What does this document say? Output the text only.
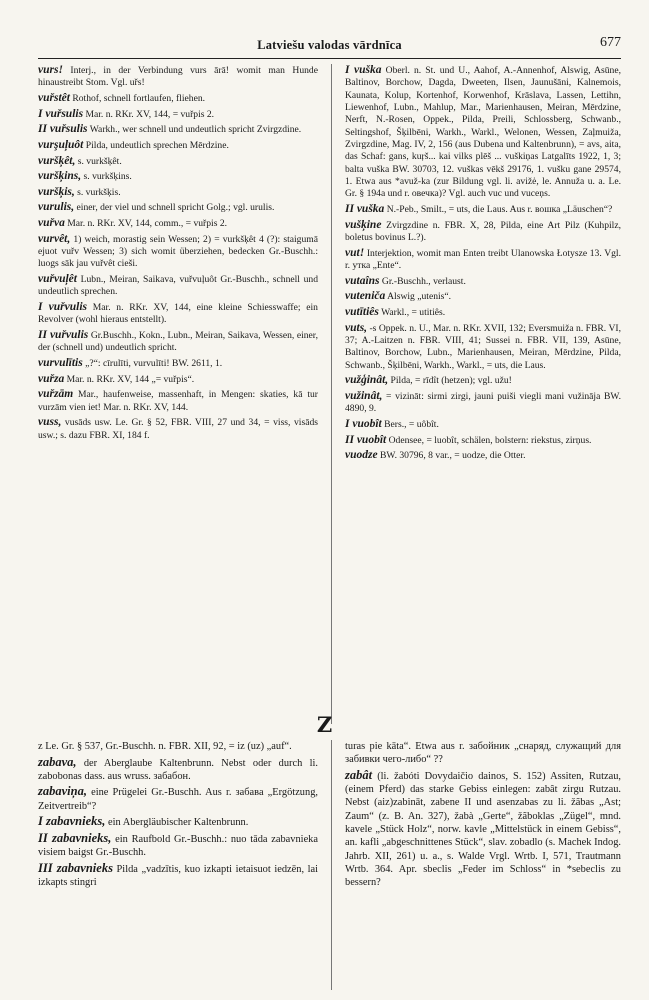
Latviešu valodas vārdnīca	677
vurs! Interj., in der Verbindung vurs ārā! womit man Hunde hinaustreibt Stom. Vgl. uřs!
vuřstêt Rothof, schnell fortlaufen, fliehen.
I vuřsulis Mar. n. RKr. XV, 144, = vuřpis 2.
II vuřsulis Warkh., wer schnell und undeutlich spricht Zvirgzdine.
vurşuļuôt Pilda, undeutlich sprechen Mērdzine.
vuršķêt, s. vurkšķêt.
vuršķins, s. vurkšķins.
vuršķis, s. vurkšķis.
vurulis, einer, der viel und schnell spricht Golg.; vgl. urulis.
vuřva Mar. n. RKr. XV, 144, comm., = vuřpis 2.
vurvêt, 1) weich, morastig sein Wessen; 2) = vurkšķêt 4 (?): staigumā ejuot vuřv Wessen; 3) sich womit überziehen, bedecken Gr.-Buschh.: luogs sāk jau vuřvêt cieši.
vuřvuļêt Lubn., Meiran, Saikava, vuřvuļuôt Gr.-Buschh., schnell und undeutlich sprechen.
I vuřvulis Mar. n. RKr. XV, 144, eine kleine Schiesswaffe; ein Revolver (wohl hieraus entstellt).
II vuřvulis Gr.Buschh., Kokn., Lubn., Meiran, Saikava, Wessen, einer, der (schnell und) undeutlich spricht.
vurvulītis „?“: cīrulīti, vurvulīti! BW. 2611, 1.
vuřza Mar. n. RKr. XV, 144 „= vuřpis“.
vuřzām Mar., haufenweise, massenhaft, in Mengen: skaties, kā tur vurzām vien iet! Mar. n. RKr. XV, 144.
vuss, vusāds usw. Le. Gr. § 52, FBR. VIII, 27 und 34, = viss, visāds usw.; s. dazu FBR. XI, 184 f.
I vuška Oberl. n. St. und U., Aahof, A.-Annenhof, Alswig, Asūne, Baltinov, Borchow, Dagda, Dweeten, Ilsen, Jaunušāni, Kalnemois, Kaunata, Kolup, Kortenhof, Korwenhof, Krāslava, Lassen, Lettihn, Liewenhof, Lubn., Mahlup, Mar., Marienhausen, Meiran, Mērdzine, Nerft, N.-Rosen, Oppek., Pilda, Preili, Schlossberg, Schwanb., Seltingshof, Šķilbēni, Warkh., Warkl., Welonen, Wessen, Zaļmuiža, Zvirgzdine, Mag. IV, 2, 156 (aus Dubena und Kaltenbrunn), = avs, aita, das Schaf: gans, kuŗš... kai vilks plēš ... vuškiņas Latgalīts 1922, 1, 3; balta vuška BW. 30703, 12. vuškas vēkš 29176, 1. vušku gane 29574, 1. Etwa aus *avuž-ka (zur Bildung vgl. li. avižė, le. Annuža u. a. Le. Gr. § 194a und r. овечка)? Vgl. auch vuc und vuceņs.
II vuška N.-Peb., Smilt., = uts, die Laus. Aus r. вошка „Läuschen“?
vušķine Zvirgzdine n. FBR. X, 28, Pilda, eine Art Pilz (Kuhpilz, boletus bovinus L.?).
vut! Interjektion, womit man Enten treibt Ulanowska Łotysze 13. Vgl. r. утка „Ente“.
vutaîns Gr.-Buschh., verlaust.
vuteniča Alswig „utenis“.
vutītiês Warkl., = utitiês.
vuts, -s Oppek. n. U., Mar. n. RKr. XVII, 132; Eversmuiža n. FBR. VI, 37; A.-Laitzen n. FBR. VIII, 41; Sussei n. FBR. VII, 139, Asūne, Baltinov, Borchow, Lubn., Marienhausen, Meiran, Mērdzine, Pilda, Schwanb., Šķilbēni, Warkh., Warkl., = uts, die Laus.
vužģinât, Pilda, = rīdît (hetzen); vgl. užu!
vužinât, = vizināt: sirmi zirgi, jauni puiši viegli mani vužināja BW. 4890, 9.
I vuobît Bers., = uôbît.
II vuobît Odensee, = luobît, schälen, bolstern: riekstus, zirņus.
vuodze BW. 30796, 8 var., = uodze, die Otter.
Z
z Le. Gr. § 537, Gr.-Buschh. n. FBR. XII, 92, = iz (uz) „auf“.
zabava, der Aberglaube Kaltenbrunn. Nebst oder durch li. zabobonas dass. aus wruss. забабон.
zabaviņa, eine Prügelei Gr.-Buschh. Aus r. забава „Ergötzung, Zeitvertreib“?
I zabavnieks, ein Abergläubischer Kaltenbrunn.
II zabavnieks, ein Raufbold Gr.-Buschh.: nuo tāda zabavnieka visiem baigst Gr.-Buschh.
III zabavnieks Pilda „vadzītis, kuo izkapti ietaisuot iedzēn, lai izkapts stingri
turas pie kāta“. Etwa aus r. забойник „снаряд, служащий для забивки чего-либо“ ??
zabât (li. žabóti Dovydaičio dainos, S. 152) Assiten, Rutzau, (einem Pferd) das starke Gebiss einlegen: zabât zirgu Rutzau. Nebst (aiz)zabināt, zabene II und asenzabas zu li. žãbas „Ast; Zaum“ (z. B. An. 327), žabà „Gerte“, žãboklas „Zügel“, mnd. kavele „Stück Holz“, norw. kavle „Mittelstück in einem Gebiss“, an. kafli „abgeschnittenes Stück“, slav. zobadlo (s. Machek Indog. Jahrb. XII, 261) u. a., s. Walde Vrgl. Wrtb. I, 571, Trautmann Wrtb. 364. Apr. sbeclis „Feder im Schloss“ in *sebeclis zu bessern?
